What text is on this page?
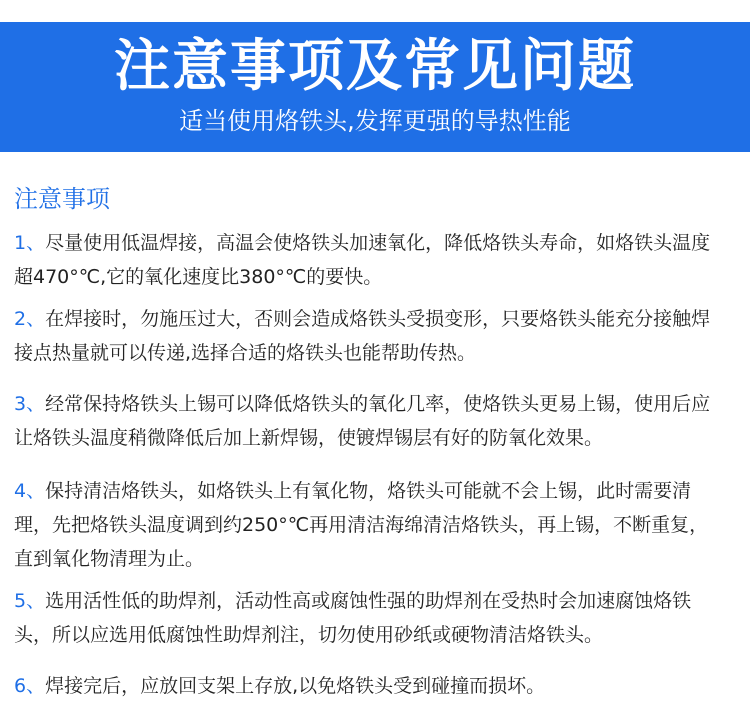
注意事项及常见问题
适当使用烙铁头,发挥更强的导热性能
注意事项

1、尽量使用低温焊接，高温会使烙铁头加速氧化，降低烙铁头寿命，如烙铁头温度超470°℃,它的氧化速度比380°℃的要快。

2、在焊接时，勿施压过大，否则会造成烙铁头受损变形，只要烙铁头能充分接触焊接点热量就可以传递,选择合适的烙铁头也能帮助传热。

3、经常保持烙铁头上锡可以降低烙铁头的氧化几率，使烙铁头更易上锡，使用后应让烙铁头温度稍微降低后加上新焊锡，使镀焊锡层有好的防氧化效果。

4、保持清洁烙铁头，如烙铁头上有氧化物，烙铁头可能就不会上锡，此时需要清理，先把烙铁头温度调到约250°℃再用清洁海绵清洁烙铁头，再上锡，不断重复，直到氧化物清理为止。

5、选用活性低的助焊剂，活动性高或腐蚀性强的助焊剂在受热时会加速腐蚀烙铁头，所以应选用低腐蚀性助焊剂注，切勿使用砂纸或硬物清洁烙铁头。

6、焊接完后，应放回支架上存放,以免烙铁头受到碰撞而损坏。
